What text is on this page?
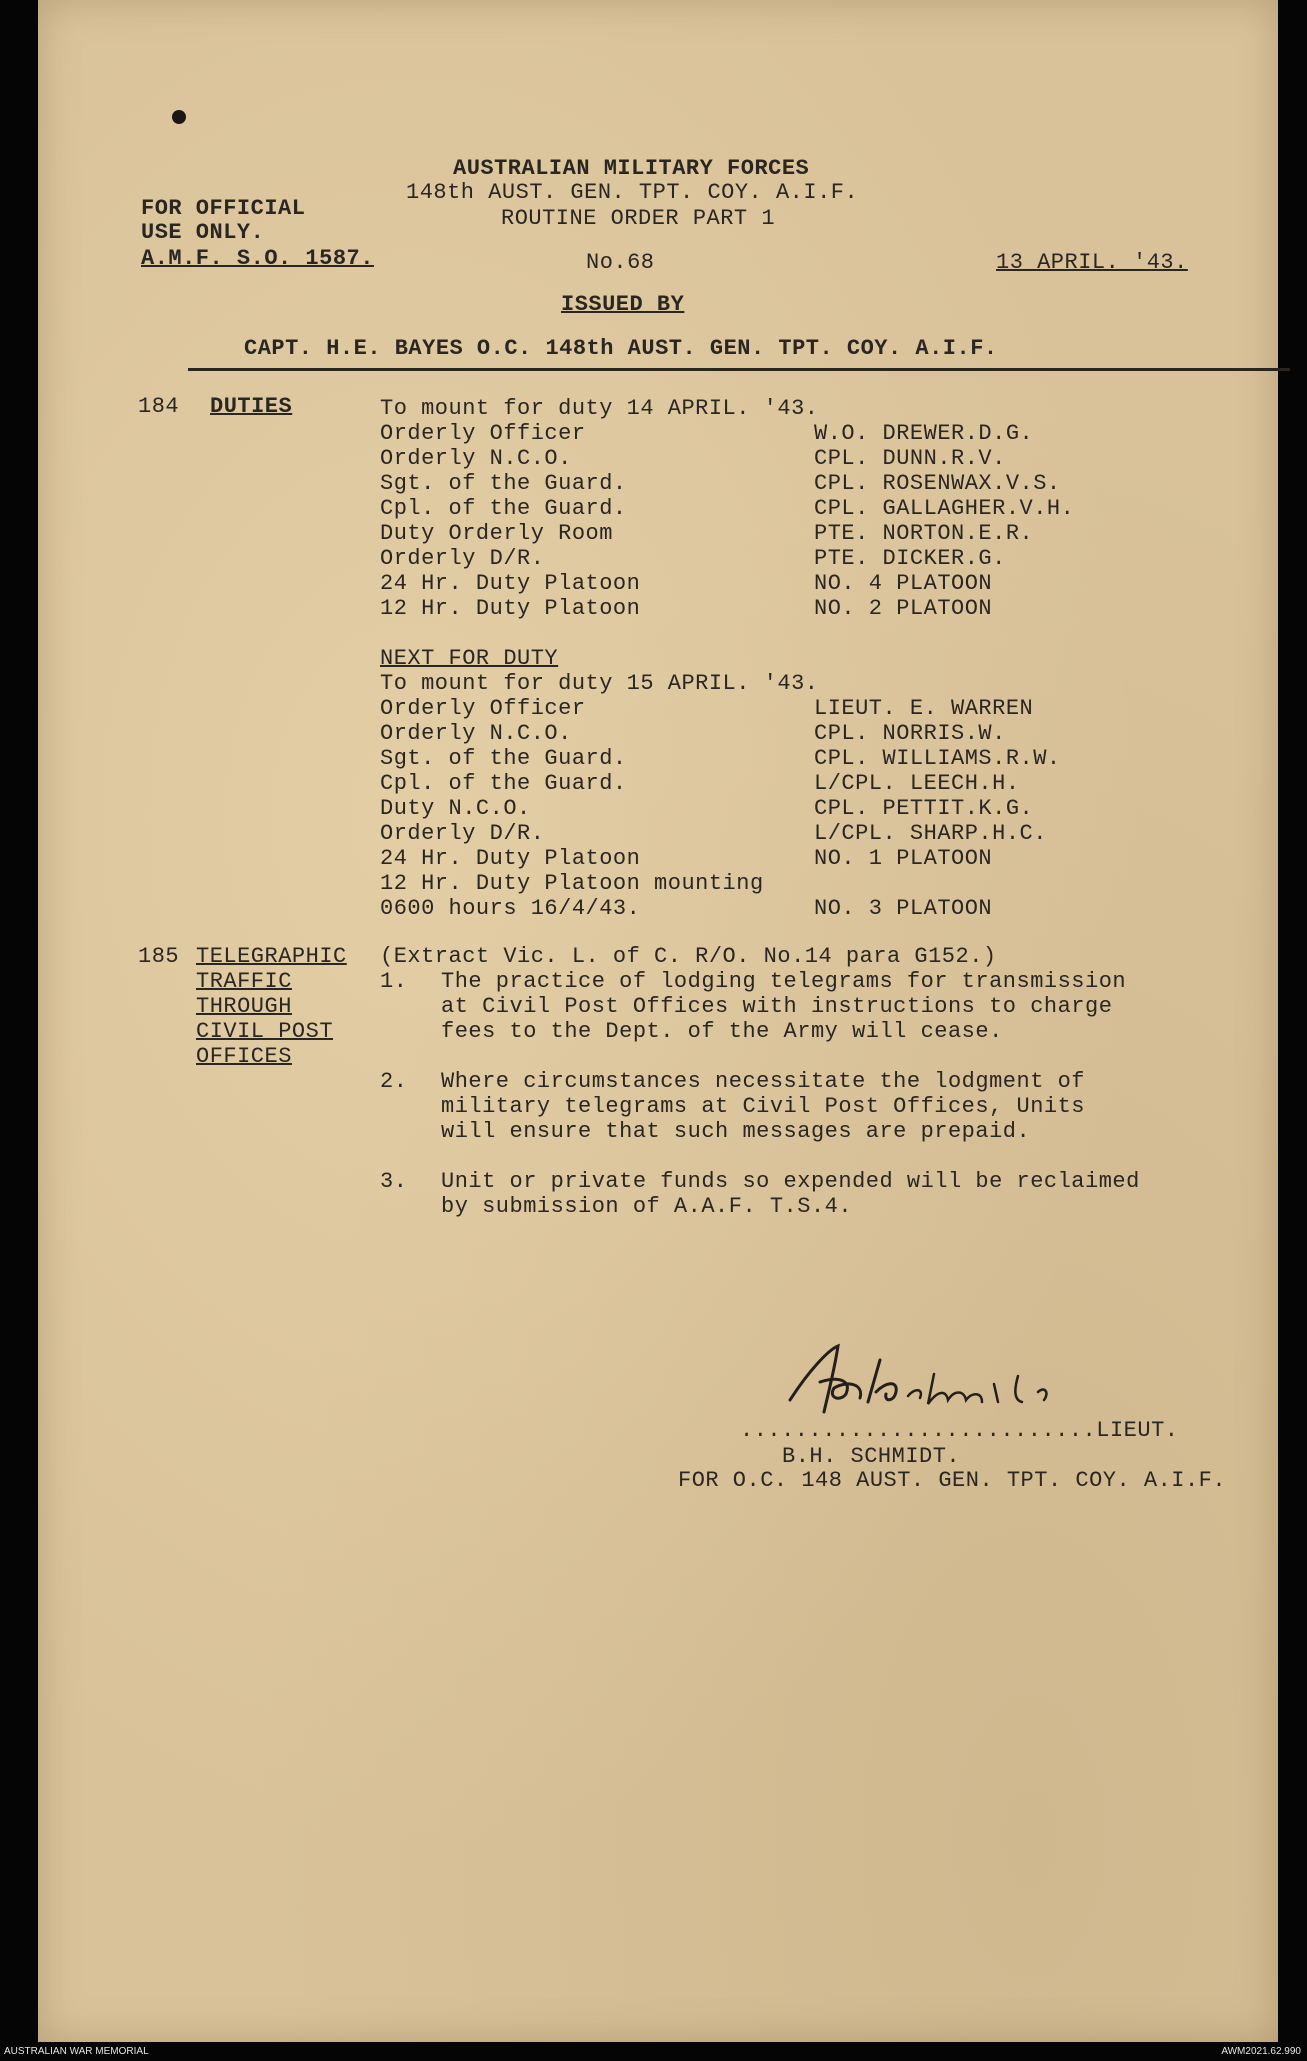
AUSTRALIAN MILITARY FORCES
148th AUST. GEN. TPT. COY. A.I.F.
ROUTINE ORDER PART 1
FOR OFFICIAL
USE ONLY.
A.M.F. S.O. 1587.	No.68	13 APRIL. '43.
ISSUED BY
CAPT. H.E. BAYES O.C. 148th AUST. GEN. TPT. COY. A.I.F.
184 DUTIES	To mount for duty 14 APRIL. '43.
Orderly Officer	W.O. DREWER.D.G.
Orderly N.C.O.	CPL. DUNN.R.V.
Sgt. of the Guard.	CPL. ROSENWAX.V.S.
Cpl. of the Guard.	CPL. GALLAGHER.V.H.
Duty Orderly Room	PTE. NORTON.E.R.
Orderly D/R.	PTE. DICKER.G.
24 Hr. Duty Platoon	NO. 4 PLATOON
12 Hr. Duty Platoon	NO. 2 PLATOON
NEXT FOR DUTY
To mount for duty 15 APRIL. '43.
Orderly Officer	LIEUT. E. WARREN
Orderly N.C.O.	CPL. NORRIS.W.
Sgt. of the Guard.	CPL. WILLIAMS.R.W.
Cpl. of the Guard.	L/CPL. LEECH.H.
Duty N.C.O.	CPL. PETTIT.K.G.
Orderly D/R.	L/CPL. SHARP.H.C.
24 Hr. Duty Platoon	NO. 1 PLATOON
12 Hr. Duty Platoon mounting
0600 hours 16/4/43.	NO. 3 PLATOON
185 TELEGRAPHIC
TRAFFIC
THROUGH
CIVIL POST
OFFICES
(Extract Vic. L. of C. R/O. No.14 para G152.)
1. The practice of lodging telegrams for transmission
at Civil Post Offices with instructions to charge
fees to the Dept. of the Army will cease.
2. Where circumstances necessitate the lodgment of
military telegrams at Civil Post Offices, Units
will ensure that such messages are prepaid.
3. Unit or private funds so expended will be reclaimed
by submission of A.A.F. T.S.4.
..........................LIEUT.
B.H. SCHMIDT.
FOR O.C. 148 AUST. GEN. TPT. COY. A.I.F.
AUSTRALIAN WAR MEMORIAL	AWM2021.62.990
